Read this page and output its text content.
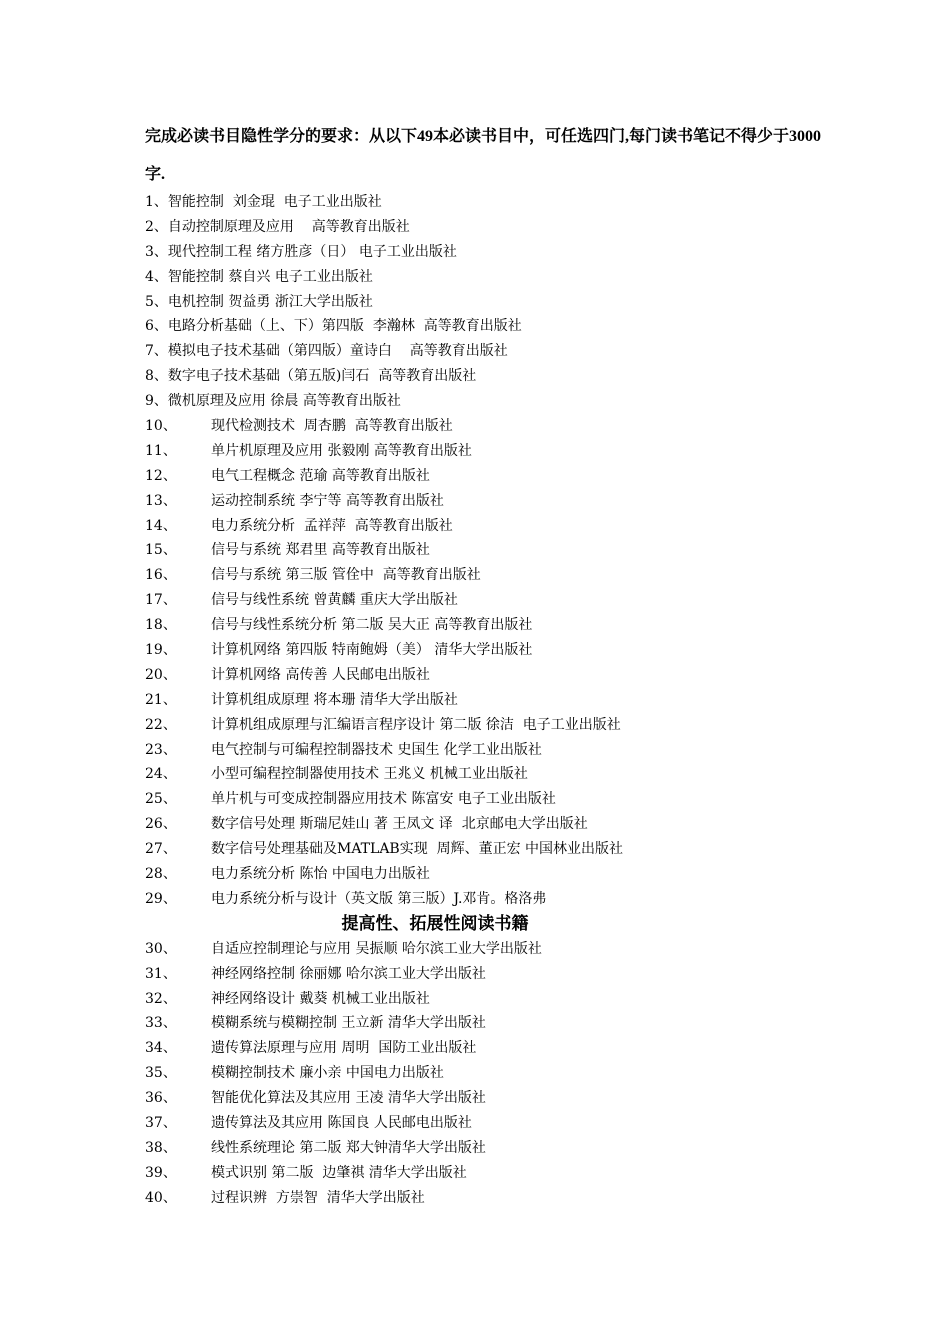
完成必读书目隐性学分的要求：从以下49本必读书目中，可任选四门,每门读书笔记不得少于3000字.

1、智能控制  刘金琨  电子工业出版社
2、自动控制原理及应用    高等教育出版社
3、现代控制工程 绪方胜彦（日） 电子工业出版社
4、智能控制 蔡自兴 电子工业出版社
5、电机控制 贺益勇 浙江大学出版社
6、电路分析基础（上、下）第四版  李瀚林  高等教育出版社
7、模拟电子技术基础（第四版）童诗白    高等教育出版社
8、数字电子技术基础（第五版)闫石  高等教育出版社
9、微机原理及应用 徐晨 高等教育出版社
10、 现代检测技术  周杏鹏  高等教育出版社
11、 单片机原理及应用 张毅刚 高等教育出版社
12、 电气工程概念 范瑜 高等教育出版社
13、 运动控制系统 李宁等 高等教育出版社
14、 电力系统分析  孟祥萍  高等教育出版社
15、 信号与系统 郑君里 高等教育出版社
16、 信号与系统 第三版 管佺中  高等教育出版社
17、 信号与线性系统 曾黄麟 重庆大学出版社
18、 信号与线性系统分析 第二版 吴大正 高等教育出版社
19、 计算机网络 第四版 特南鲍姆（美） 清华大学出版社
20、 计算机网络 高传善 人民邮电出版社
21、 计算机组成原理 将本珊 清华大学出版社
22、 计算机组成原理与汇编语言程序设计 第二版 徐洁  电子工业出版社
23、 电气控制与可编程控制器技术 史国生 化学工业出版社
24、 小型可编程控制器使用技术 王兆义 机械工业出版社
25、 单片机与可变成控制器应用技术 陈富安 电子工业出版社
26、 数字信号处理 斯瑞尼娃山 著 王凤文 译  北京邮电大学出版社
27、 数字信号处理基础及MATLAB实现  周辉、董正宏 中国林业出版社
28、 电力系统分析 陈怡 中国电力出版社
29、 电力系统分析与设计（英文版 第三版）J.邓肯。格洛弗
提高性、拓展性阅读书籍
30、 自适应控制理论与应用 吴振顺 哈尔滨工业大学出版社
31、 神经网络控制 徐丽娜 哈尔滨工业大学出版社
32、 神经网络设计 戴葵 机械工业出版社
33、 模糊系统与模糊控制 王立新 清华大学出版社
34、 遗传算法原理与应用 周明  国防工业出版社
35、 模糊控制技术 廉小亲 中国电力出版社
36、 智能优化算法及其应用 王凌 清华大学出版社
37、 遗传算法及其应用 陈国良 人民邮电出版社
38、 线性系统理论 第二版 郑大钟清华大学出版社
39、 模式识别 第二版  边肇祺 清华大学出版社
40、 过程识辨  方崇智  清华大学出版社
